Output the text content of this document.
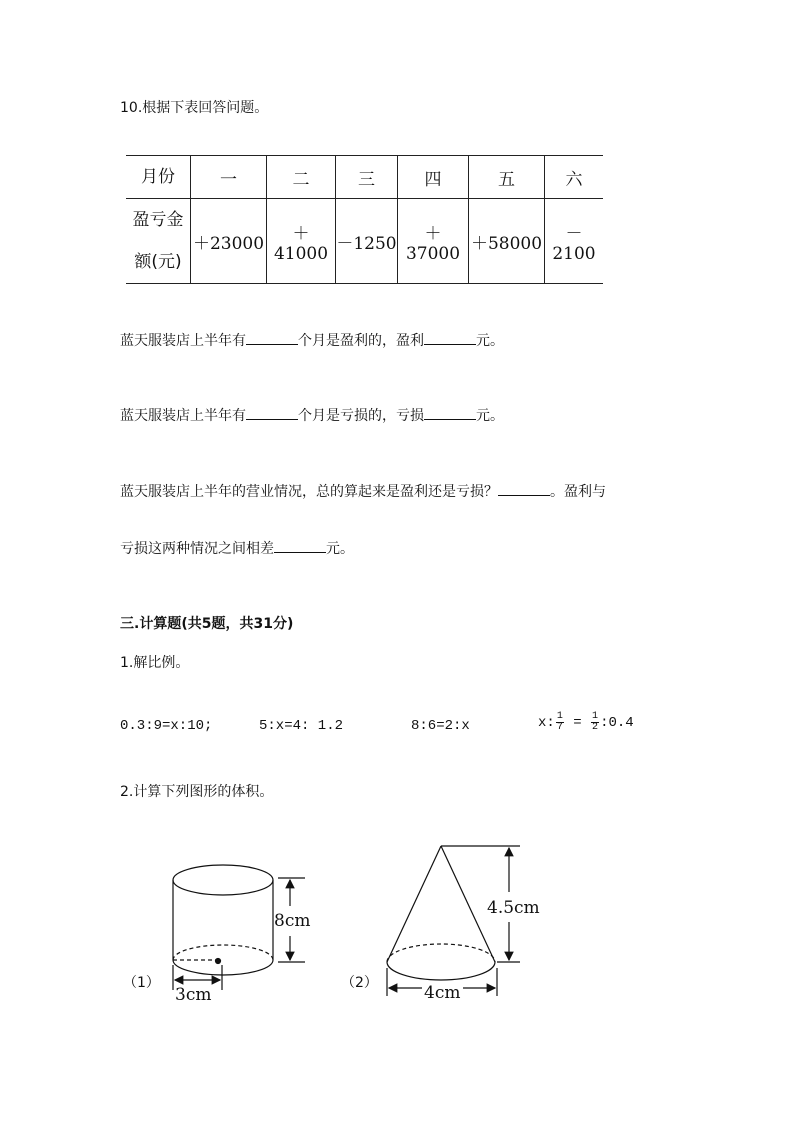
10.根据下表回答问题。
月份	一	二	三	四	五	六

盈亏金
额(元)	＋23000	＋41000	－1250	＋37000	＋58000	－2100
蓝天服装店上半年有	个月是盈利的，盈利	元。
蓝天服装店上半年有	个月是亏损的，亏损	元。
蓝天服装店上半年的营业情况，总的算起来是盈利还是亏损？	。盈利与
亏损这两种情况之间相差	元。
三.计算题(共5题，共31分)
1.解比例。
0.3:9=x:10;	5:x=4: 1.2	8:6=2:x	x: $\frac{1}{7} = \frac{1}{2}$ :0.4
2.计算下列图形的体积。
（1）
8cm
3cm
（2）
4.5cm
4cm
